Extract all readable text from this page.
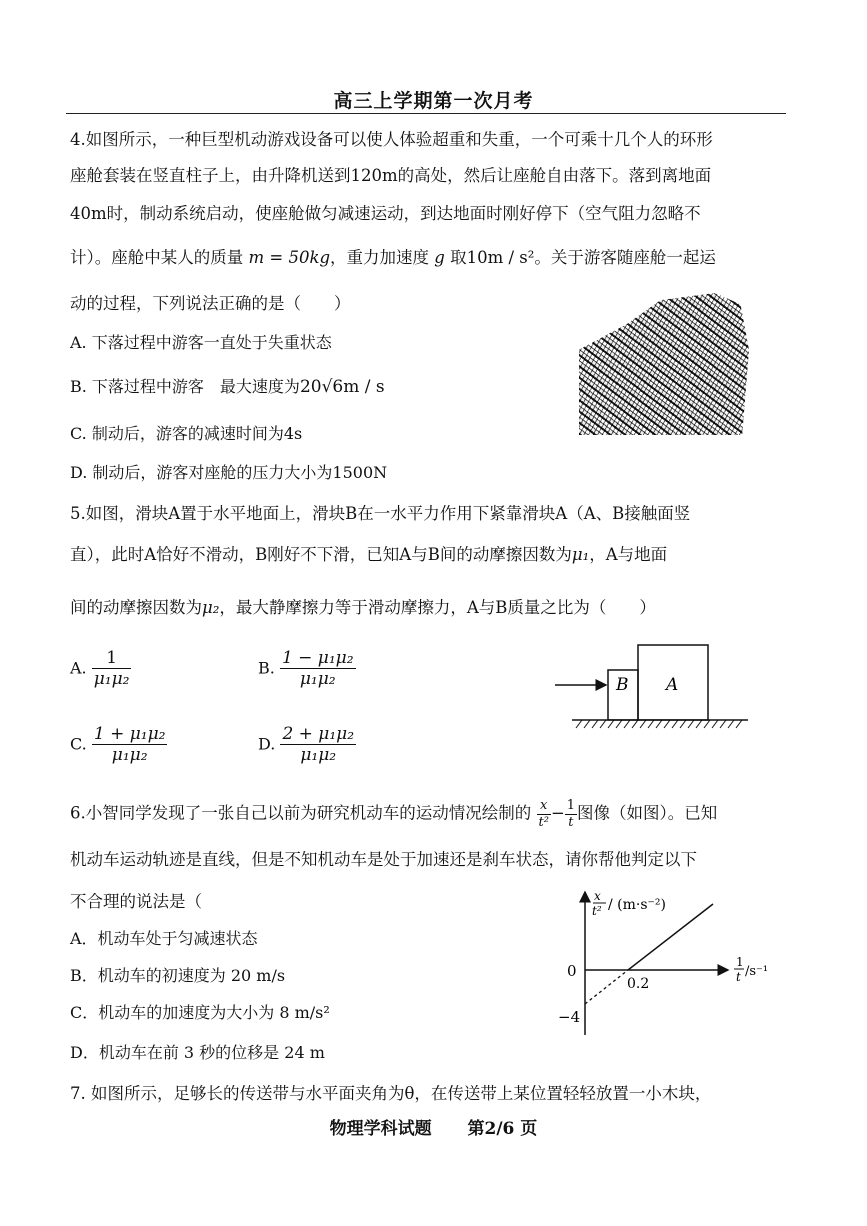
高三上学期第一次月考
4.如图所示，一种巨型机动游戏设备可以使人体验超重和失重，一个可乘十几个人的环形
座舱套装在竖直柱子上，由升降机送到120m的高处，然后让座舱自由落下。落到离地面
40m时，制动系统启动，使座舱做匀减速运动，到达地面时刚好停下（空气阻力忽略不
计）。座舱中某人的质量 m = 50kg，重力加速度 g 取10m / s²。关于游客随座舱一起运
动的过程，下列说法正确的是（　　）
A. 下落过程中游客一直处于失重状态
B. 下落过程中游客　最大速度为20√6m / s
C. 制动后，游客的减速时间为4s
D. 制动后，游客对座舱的压力大小为1500N
5.如图，滑块A置于水平地面上，滑块B在一水平力作用下紧靠滑块A（A、B接触面竖
直），此时A恰好不滑动，B刚好不下滑，已知A与B间的动摩擦因数为μ₁，A与地面
间的动摩擦因数为μ₂，最大静摩擦力等于滑动摩擦力，A与B质量之比为（　　）
A. $\frac{1}{\text{μ₁μ₂}}$	B. $\frac{\text{1 − μ₁μ₂}}{\text{μ₁μ₂}}$
C. $\frac{\text{1 + μ₁μ₂}}{\text{μ₁μ₂}}$	D. $\frac{\text{2 + μ₁μ₂}}{\text{μ₁μ₂}}$
B A
6.小智同学发现了一张自己以前为研究机动车的运动情况绘制的 $\frac{x}{\text{t²}} - \frac{1}{t}$ 图像（如图）。已知
机动车运动轨迹是直线，但是不知机动车是处于加速还是刹车状态，请你帮他判定以下
不合理的说法是（
A．机动车处于匀减速状态
B．机动车的初速度为 20 m/s
C．机动车的加速度为大小为 8 m/s²
D．机动车在前 3 秒的位移是 24 m
x
t² / (m·s⁻²)
1
t /s⁻¹
0
0.2
−4
7. 如图所示，足够长的传送带与水平面夹角为θ，在传送带上某位置轻轻放置一小木块，
物理学科试题 第2/6 页
